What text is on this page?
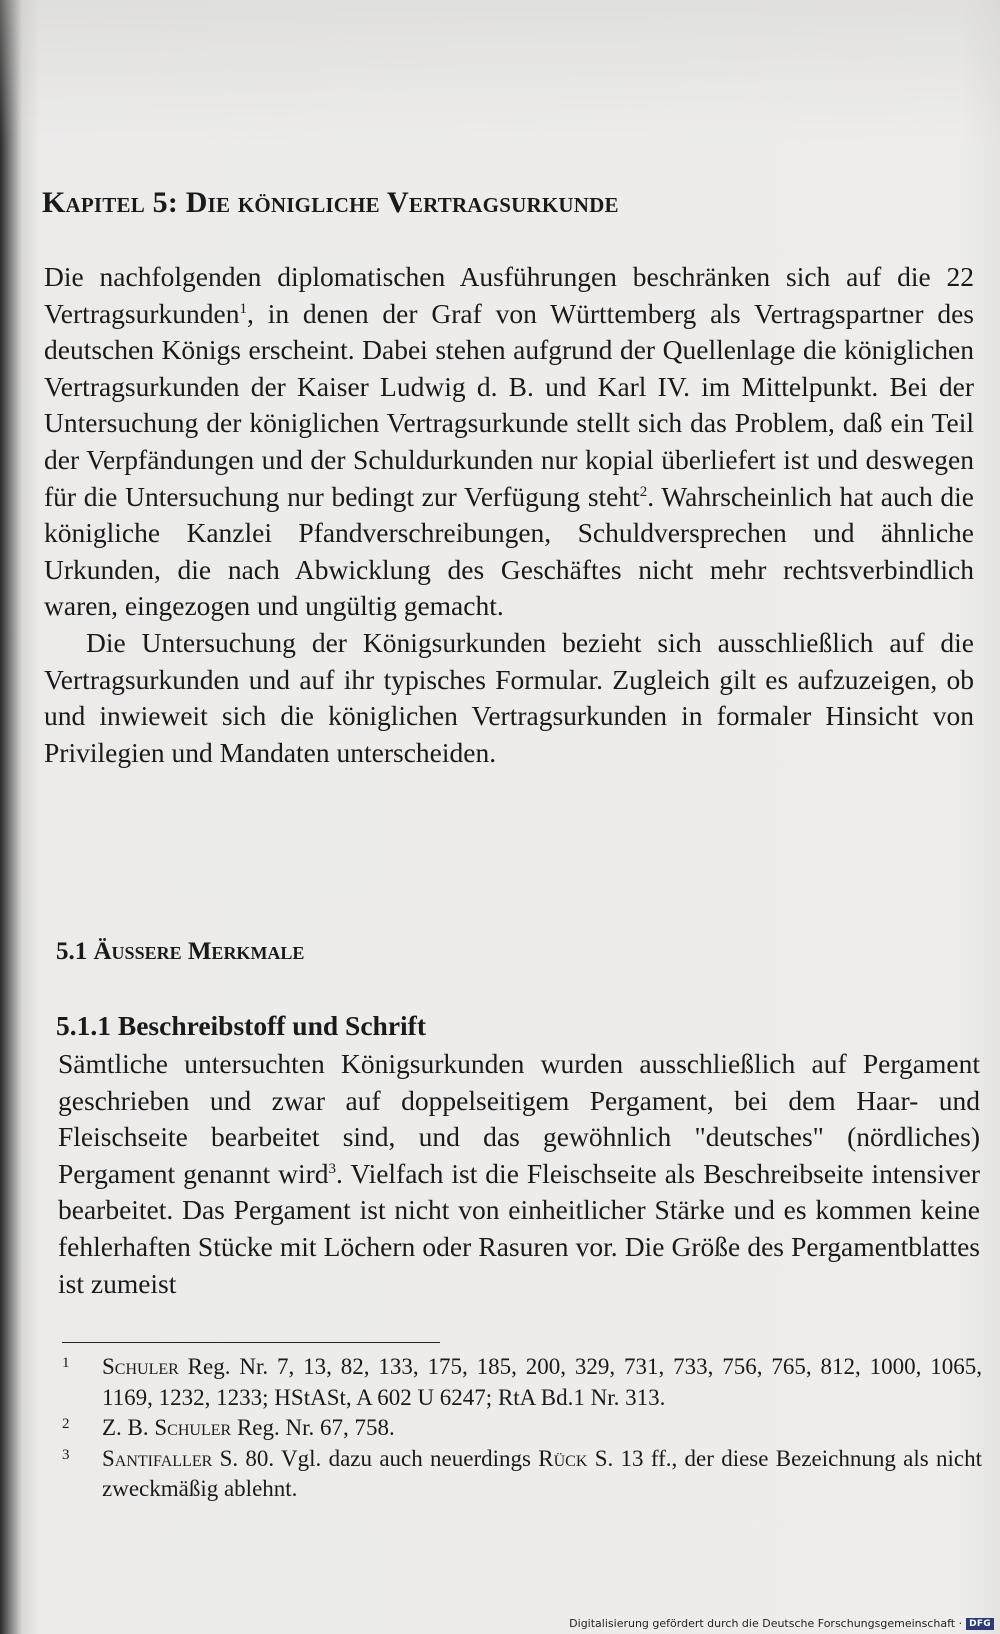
Kapitel 5: Die königliche Vertragsurkunde

Die nachfolgenden diplomatischen Ausführungen beschränken sich auf die 22 Vertragsurkunden$^1$, in denen der Graf von Württemberg als Vertragspartner des deutschen Königs erscheint. Dabei stehen aufgrund der Quellenlage die königlichen Vertragsurkunden der Kaiser Ludwig d. B. und Karl IV. im Mittelpunkt. Bei der Untersuchung der königlichen Vertragsurkunde stellt sich das Problem, daß ein Teil der Verpfändungen und der Schuldurkunden nur kopial überliefert ist und deswegen für die Untersuchung nur bedingt zur Verfügung steht$^2$. Wahrscheinlich hat auch die königliche Kanzlei Pfandverschreibungen, Schuldversprechen und ähnliche Urkunden, die nach Abwicklung des Geschäftes nicht mehr rechtsverbindlich waren, eingezogen und ungültig gemacht.

Die Untersuchung der Königsurkunden bezieht sich ausschließlich auf die Vertragsurkunden und auf ihr typisches Formular. Zugleich gilt es aufzuzeigen, ob und inwieweit sich die königlichen Vertragsurkunden in formaler Hinsicht von Privilegien und Mandaten unterscheiden.

5.1 Äußere Merkmale
5.1.1 Beschreibstoff und Schrift

Sämtliche untersuchten Königsurkunden wurden ausschließlich auf Pergament geschrieben und zwar auf doppelseitigem Pergament, bei dem Haar- und Fleischseite bearbeitet sind, und das gewöhnlich "deutsches" (nördliches) Pergament genannt wird$^3$. Vielfach ist die Fleischseite als Beschreibseite intensiver bearbeitet. Das Pergament ist nicht von einheitlicher Stärke und es kommen keine fehlerhaften Stücke mit Löchern oder Rasuren vor. Die Größe des Pergamentblattes ist zumeist

1	Schuler Reg. Nr. 7, 13, 82, 133, 175, 185, 200, 329, 731, 733, 756, 765, 812, 1000, 1065, 1169, 1232, 1233; HStASt, A 602 U 6247; RtA Bd.1 Nr. 313.
2	Z. B. Schuler Reg. Nr. 67, 758.
3	Santifaller S. 80. Vgl. dazu auch neuerdings Rück S. 13 ff., der diese Bezeichnung als nicht zweckmäßig ablehnt.
Digitalisierung gefördert durch die Deutsche Forschungsgemeinschaft · DFG
